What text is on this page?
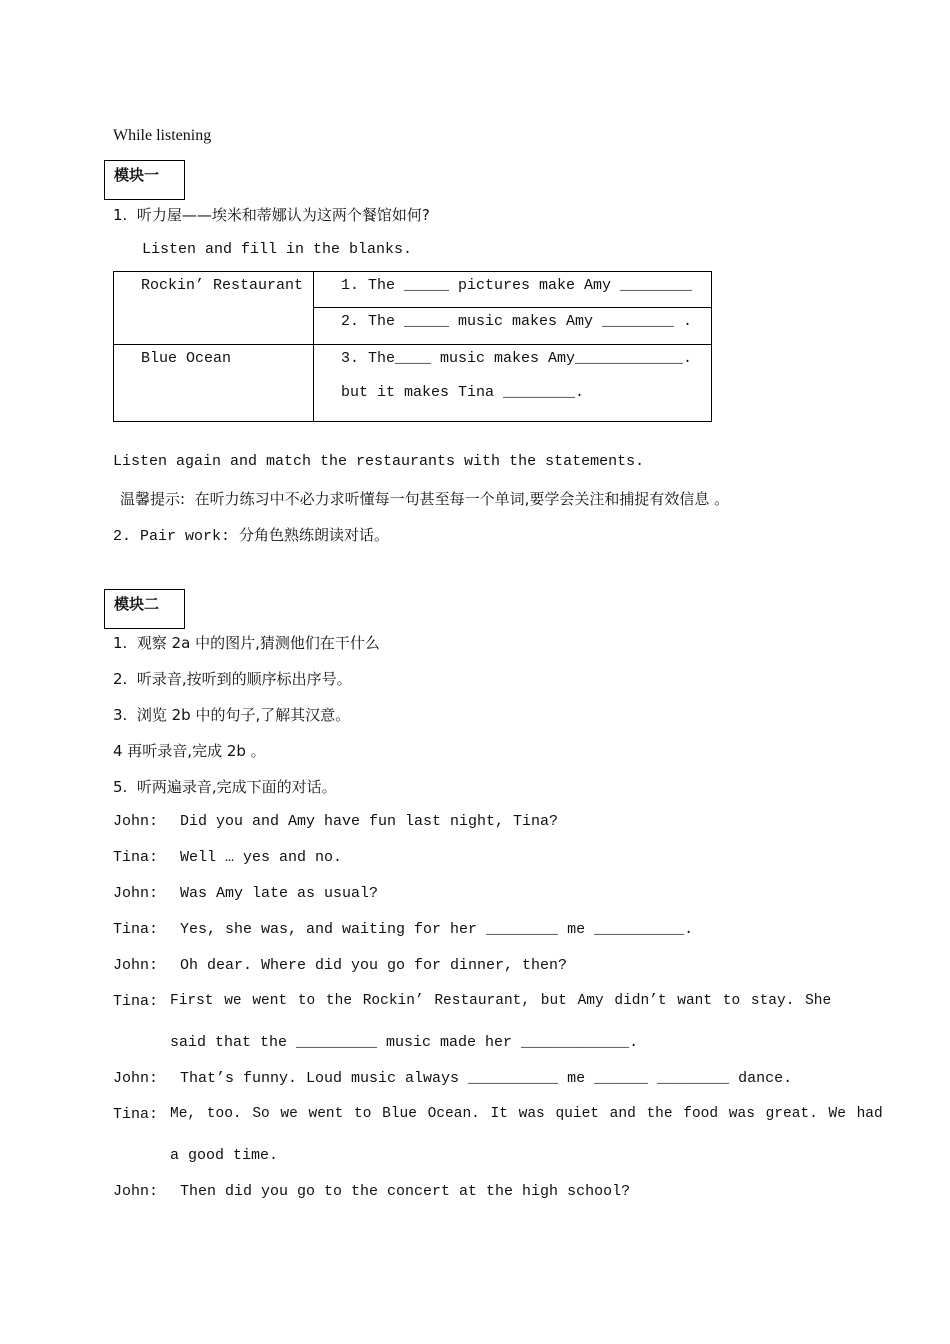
While listening
模块一
1.  听力屋——埃米和蒂娜认为这两个餐馆如何?
Listen and fill in the blanks.
Rockin’ Restaurant	1. The _____ pictures make Amy ________

	2. The _____ music makes Amy ________ .

Blue Ocean	3. The____ music makes Amy____________.
but it makes Tina ________.
Listen again and match the restaurants with the statements.
温馨提示:  在听力练习中不必力求听懂每一句甚至每一个单词,要学会关注和捕捉有效信息 。
2. Pair work: 分角色熟练朗读对话。
模块二
1.  观察 2a 中的图片,猜测他们在干什么
2.  听录音,按听到的顺序标出序号。
3.  浏览 2b 中的句子,了解其汉意。
4 再听录音,完成 2b 。
5.  听两遍录音,完成下面的对话。
John: Did you and Amy have fun last night, Tina?
Tina: Well … yes and no.
John: Was Amy late as usual?
Tina: Yes, she was, and waiting for her ________ me __________.
John: Oh dear. Where did you go for dinner, then?
Tina: First we went to the Rockin’ Restaurant, but Amy didn’t want to stay. She
said that the _________ music made her ____________.
John: That’s funny. Loud music always __________ me ______ ________ dance.
Tina: Me, too. So we went to Blue Ocean. It was quiet and the food was great. We had
a good time.
John: Then did you go to the concert at the high school?
